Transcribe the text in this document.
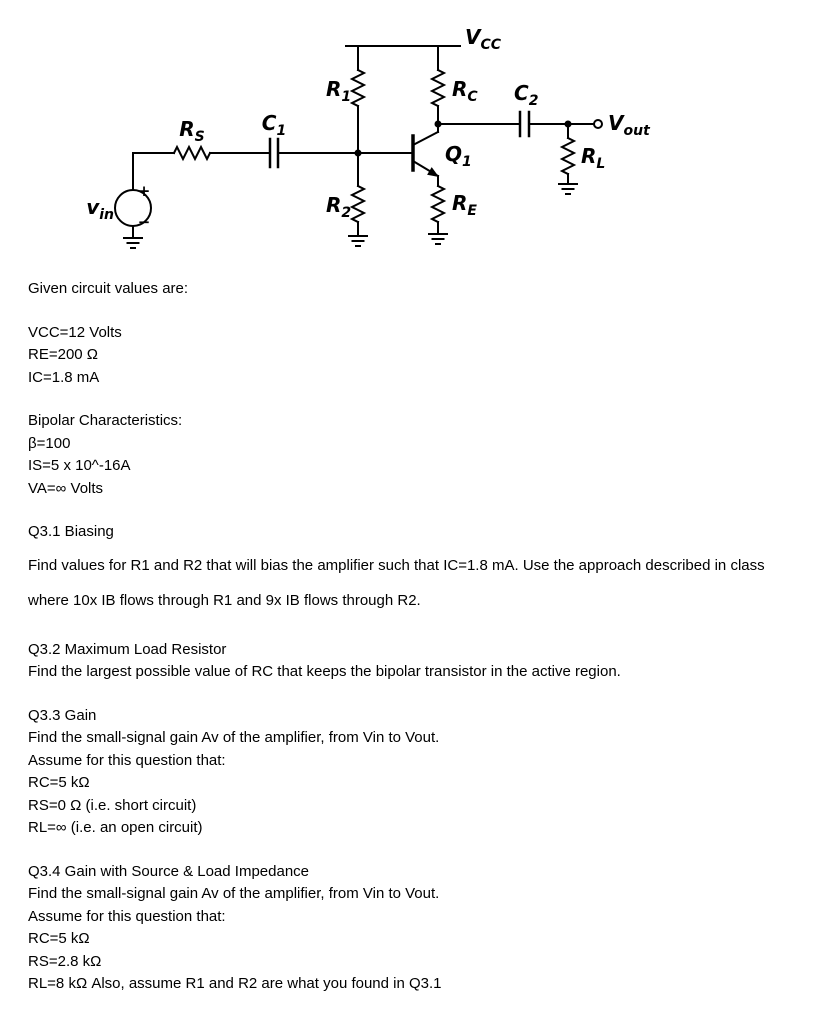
$V_{CC}$
$R_1$	$R_C$ $C_2$
$V_{out}$
$R_L$
$Q_1$
$R_E$
$R_2$
$C_1$
$R_S$
$v_{in}$
+
−

Given circuit values are:

VCC=12 Volts

RE=200 Ω

IC=1.8 mA

Bipolar Characteristics:

β=100

IS=5 x 10^-16A

VA=∞ Volts

Q3.1 Biasing

Find values for R1 and R2 that will bias the amplifier such that IC=1.8 mA. Use the approach described in class where 10x IB flows through R1 and 9x IB flows through R2.

Q3.2 Maximum Load Resistor

Find the largest possible value of RC that keeps the bipolar transistor in the active region.

Q3.3 Gain

Find the small-signal gain Av of the amplifier, from Vin to Vout.

Assume for this question that:

RC=5 kΩ

RS=0 Ω (i.e. short circuit)

RL=∞ (i.e. an open circuit)

Q3.4 Gain with Source & Load Impedance

Find the small-signal gain Av of the amplifier, from Vin to Vout.

Assume for this question that:

RC=5 kΩ

RS=2.8 kΩ

RL=8 kΩ Also, assume R1 and R2 are what you found in Q3.1
